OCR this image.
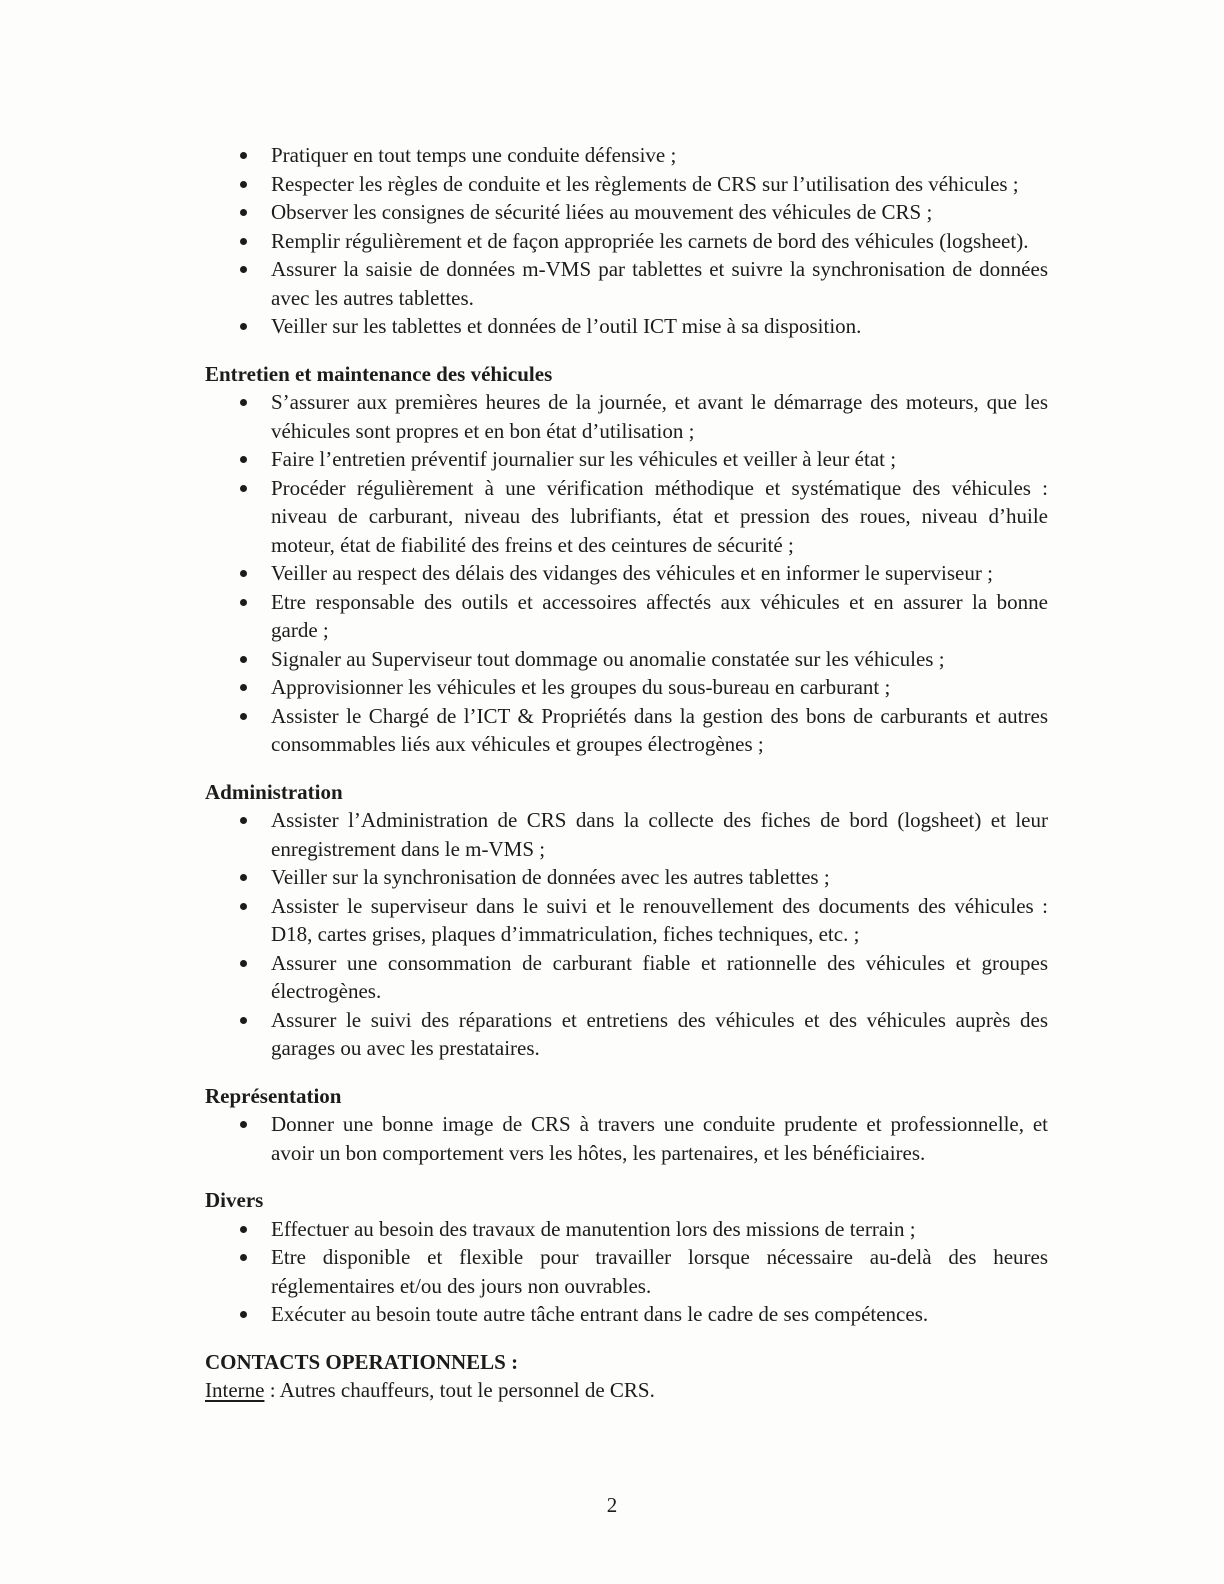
Pratiquer en tout temps une conduite défensive ;
Respecter les règles de conduite et les règlements de CRS sur l’utilisation des véhicules ;
Observer les consignes de sécurité liées au mouvement des véhicules de CRS ;
Remplir régulièrement et de façon appropriée les carnets de bord des véhicules (logsheet).
Assurer la saisie de données m-VMS par tablettes et suivre la synchronisation de données avec les autres tablettes.
Veiller sur les tablettes et données de l’outil ICT mise à sa disposition.
Entretien et maintenance des véhicules
S’assurer aux premières heures de la journée, et avant le démarrage des moteurs, que les véhicules sont propres et en bon état d’utilisation ;
Faire l’entretien préventif journalier sur les véhicules et veiller à leur état ;
Procéder régulièrement à une vérification méthodique et systématique des véhicules : niveau de carburant, niveau des lubrifiants, état et pression des roues, niveau d’huile moteur, état de fiabilité des freins et des ceintures de sécurité ;
Veiller au respect des délais des vidanges des véhicules et en informer le superviseur ;
Etre responsable des outils et accessoires affectés aux véhicules et en assurer la bonne garde ;
Signaler au Superviseur tout dommage ou anomalie constatée sur les véhicules ;
Approvisionner les véhicules et les groupes du sous-bureau en carburant ;
Assister le Chargé de l’ICT & Propriétés dans la gestion des bons de carburants et autres consommables liés aux véhicules et groupes électrogènes ;
Administration
Assister l’Administration de CRS dans la collecte des fiches de bord (logsheet) et leur enregistrement dans le m-VMS ;
Veiller sur la synchronisation de données avec les autres tablettes ;
Assister le superviseur dans le suivi et le renouvellement des documents des véhicules : D18, cartes grises, plaques d’immatriculation, fiches techniques, etc. ;
Assurer une consommation de carburant fiable et rationnelle des véhicules et groupes électrogènes.
Assurer le suivi des réparations et entretiens des véhicules et des véhicules auprès des garages ou avec les prestataires.
Représentation
Donner une bonne image de CRS à travers une conduite prudente et professionnelle, et avoir un bon comportement vers les hôtes, les partenaires, et les bénéficiaires.
Divers
Effectuer au besoin des travaux de manutention lors des missions de terrain ;
Etre disponible et flexible pour travailler lorsque nécessaire au-delà des heures réglementaires et/ou des jours non ouvrables.
Exécuter au besoin toute autre tâche entrant dans le cadre de ses compétences.
CONTACTS OPERATIONNELS :

Interne : Autres chauffeurs, tout le personnel de CRS.

2
